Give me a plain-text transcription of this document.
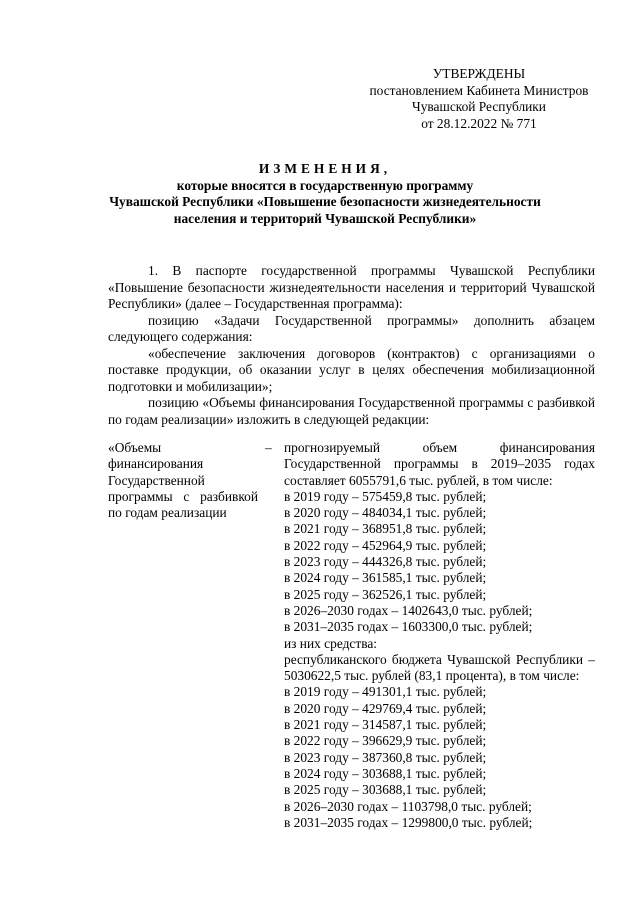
УТВЕРЖДЕНЫ
постановлением Кабинета Министров
Чувашской Республики
от 28.12.2022 № 771
ИЗМЕНЕНИЯ,
которые вносятся в государственную программу
Чувашской Республики «Повышение безопасности жизнедеятельности
населения и территорий Чувашской Республики»

1. В паспорте государственной программы Чувашской Республики «Повышение безопасности жизнедеятельности населения и территорий Чувашской Республики» (далее – Государственная программа):

позицию «Задачи Государственной программы» дополнить абзацем следующего содержания:

«обеспечение заключения договоров (контрактов) с организациями о поставке продукции, об оказании услуг в целях обеспечения мобилизационной подготовки и мобилизации»;

позицию «Объемы финансирования Государственной программы с разбивкой по годам реализации» изложить в следующей редакции:

«Объемы финансирования Государственной программы с разбивкой по годам реализации
– прогнозируемый объем финансирования Государственной программы в 2019–2035 годах составляет 6055791,6 тыс. рублей, в том числе:
в 2019 году – 575459,8 тыс. рублей;
в 2020 году – 484034,1 тыс. рублей;
в 2021 году – 368951,8 тыс. рублей;
в 2022 году – 452964,9 тыс. рублей;
в 2023 году – 444326,8 тыс. рублей;
в 2024 году – 361585,1 тыс. рублей;
в 2025 году – 362526,1 тыс. рублей;
в 2026–2030 годах – 1402643,0 тыс. рублей;
в 2031–2035 годах – 1603300,0 тыс. рублей;
из них средства:
республиканского бюджета Чувашской Республики – 5030622,5 тыс. рублей (83,1 процента), в том числе:
в 2019 году – 491301,1 тыс. рублей;
в 2020 году – 429769,4 тыс. рублей;
в 2021 году – 314587,1 тыс. рублей;
в 2022 году – 396629,9 тыс. рублей;
в 2023 году – 387360,8 тыс. рублей;
в 2024 году – 303688,1 тыс. рублей;
в 2025 году – 303688,1 тыс. рублей;
в 2026–2030 годах – 1103798,0 тыс. рублей;
в 2031–2035 годах – 1299800,0 тыс. рублей;
